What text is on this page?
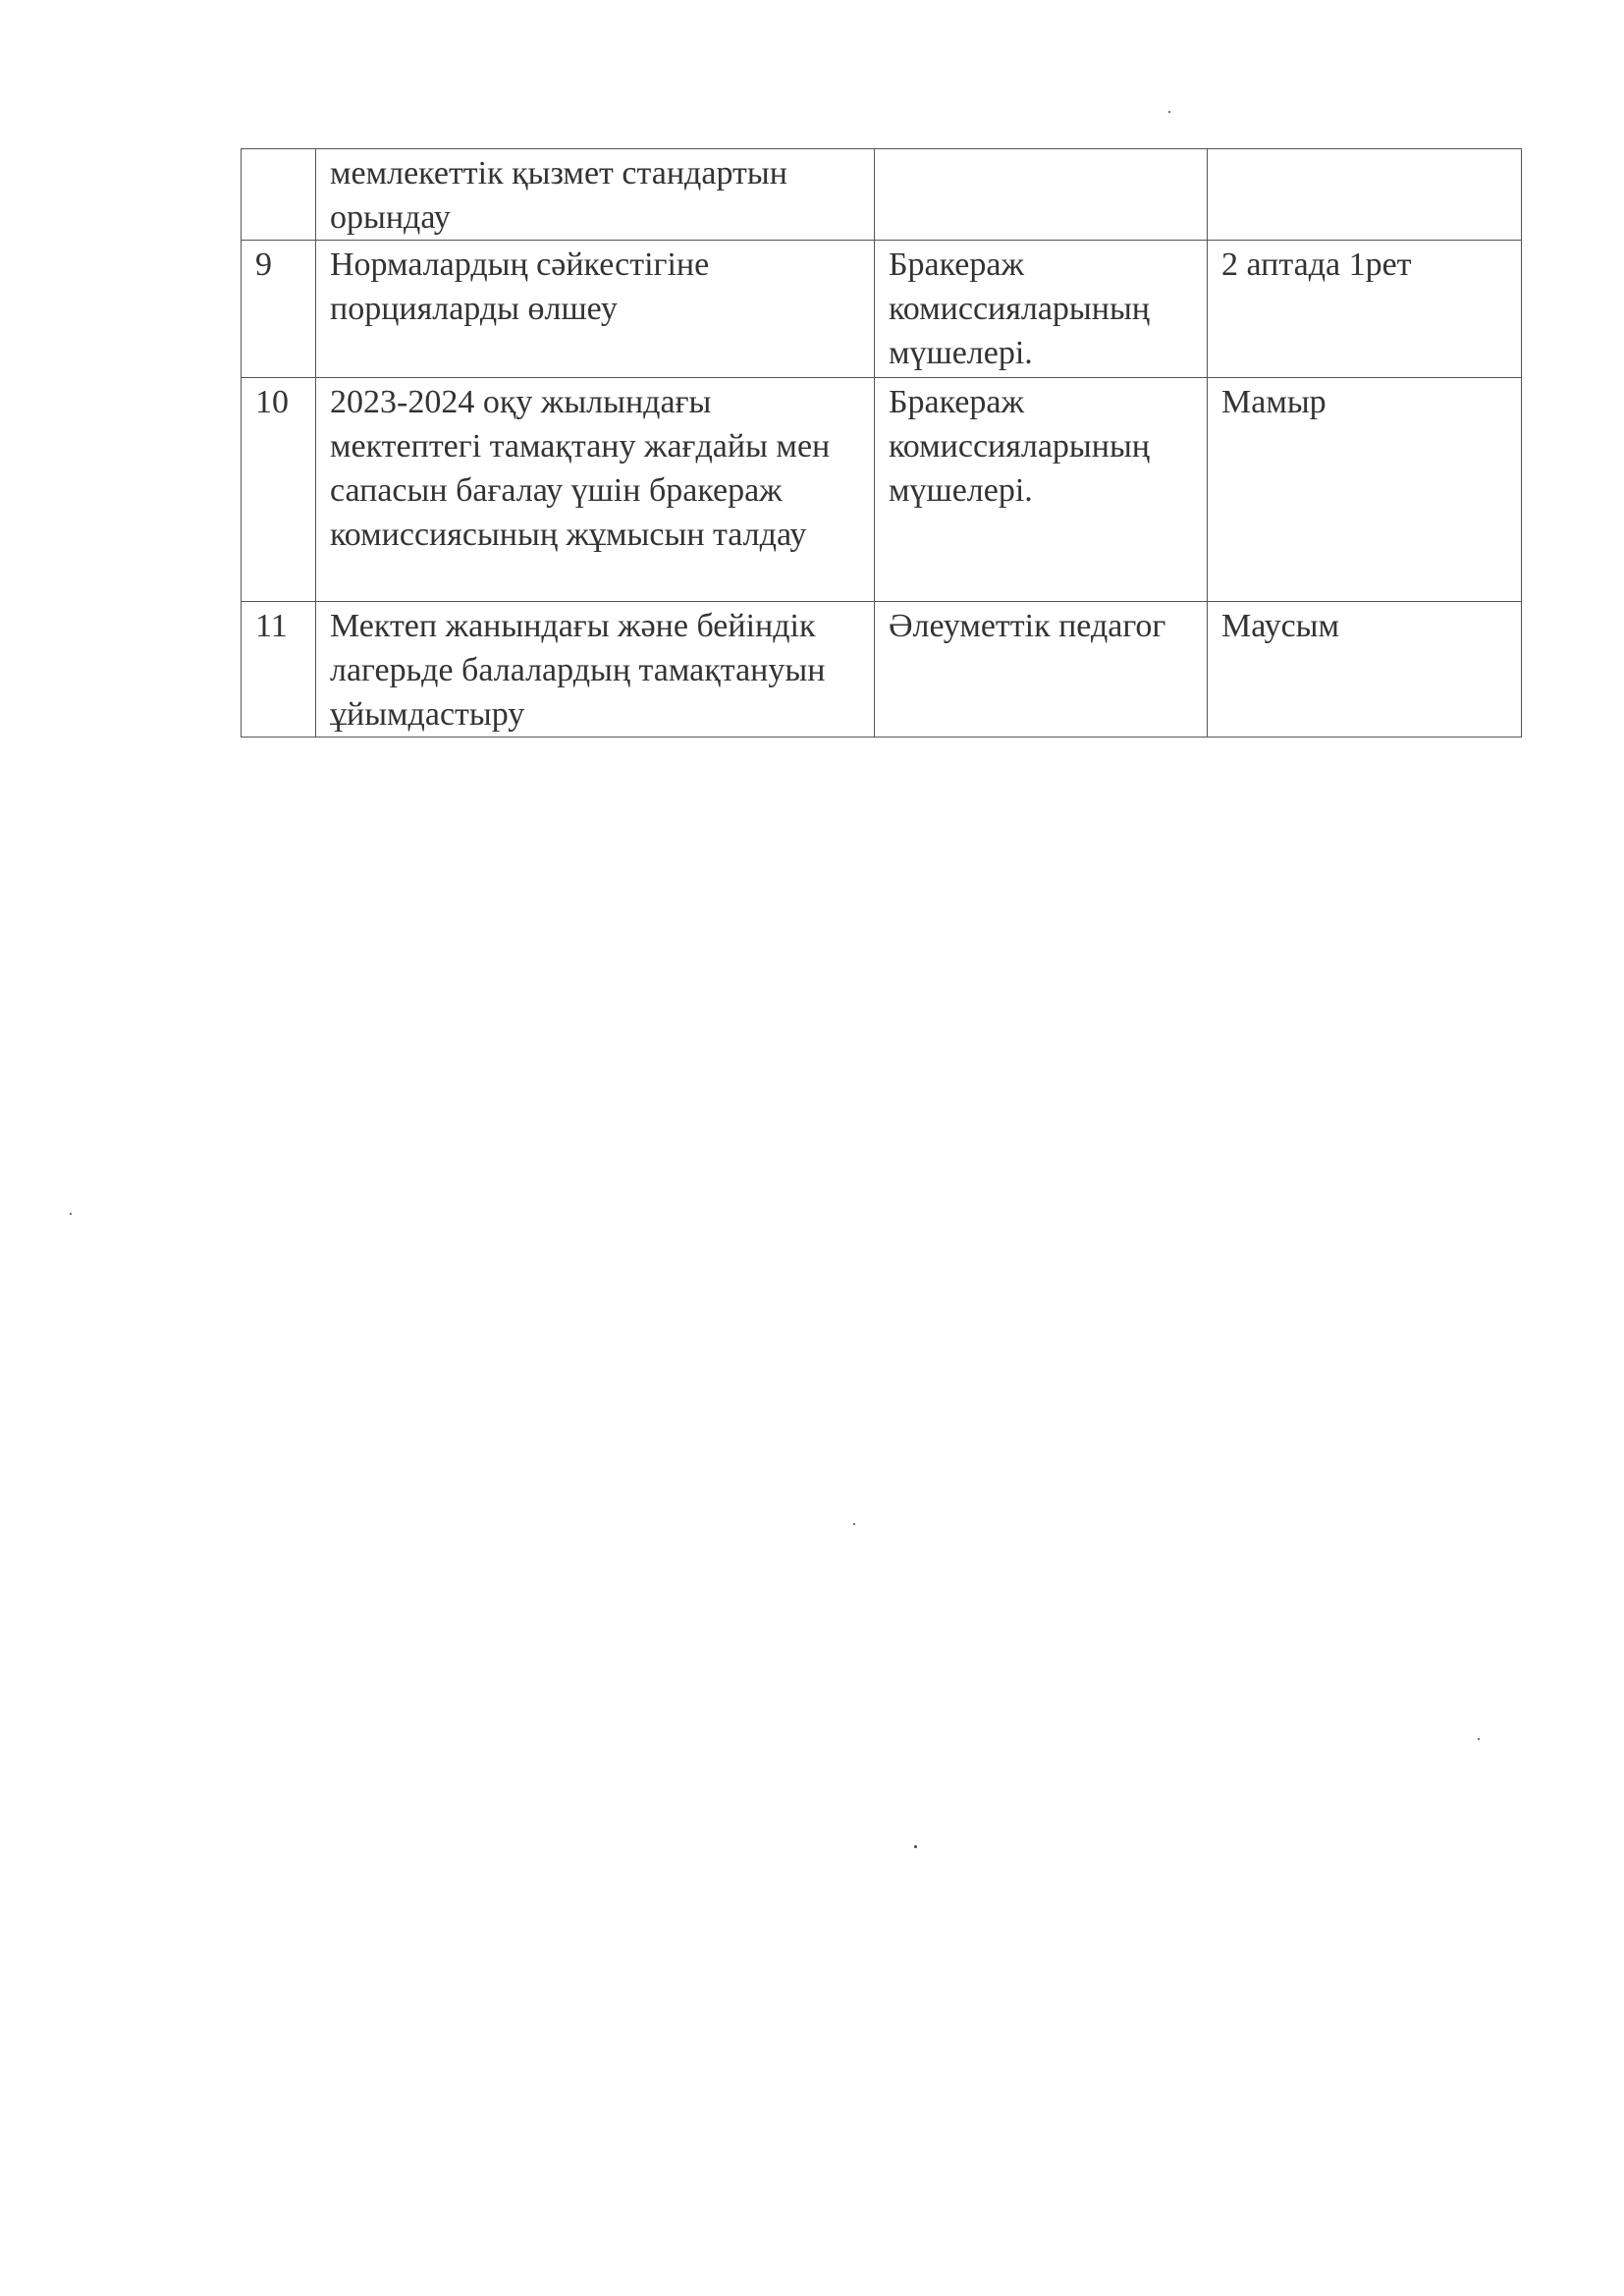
	мемлекеттік қызмет стандартын орындау		
9	Нормалардың сәйкестігіне порцияларды өлшеу	Бракераж комиссияларының мүшелері.	2 аптада 1рет
10	2023-2024 оқу жылындағы мектептегі тамақтану жағдайы мен сапасын бағалау үшін бракераж комиссиясының жұмысын талдау	Бракераж комиссияларының мүшелері.	Мамыр
11	Мектеп жанындағы және бейіндік лагерьде балалардың тамақтануын ұйымдастыру	Әлеуметтік педагог	Маусым
